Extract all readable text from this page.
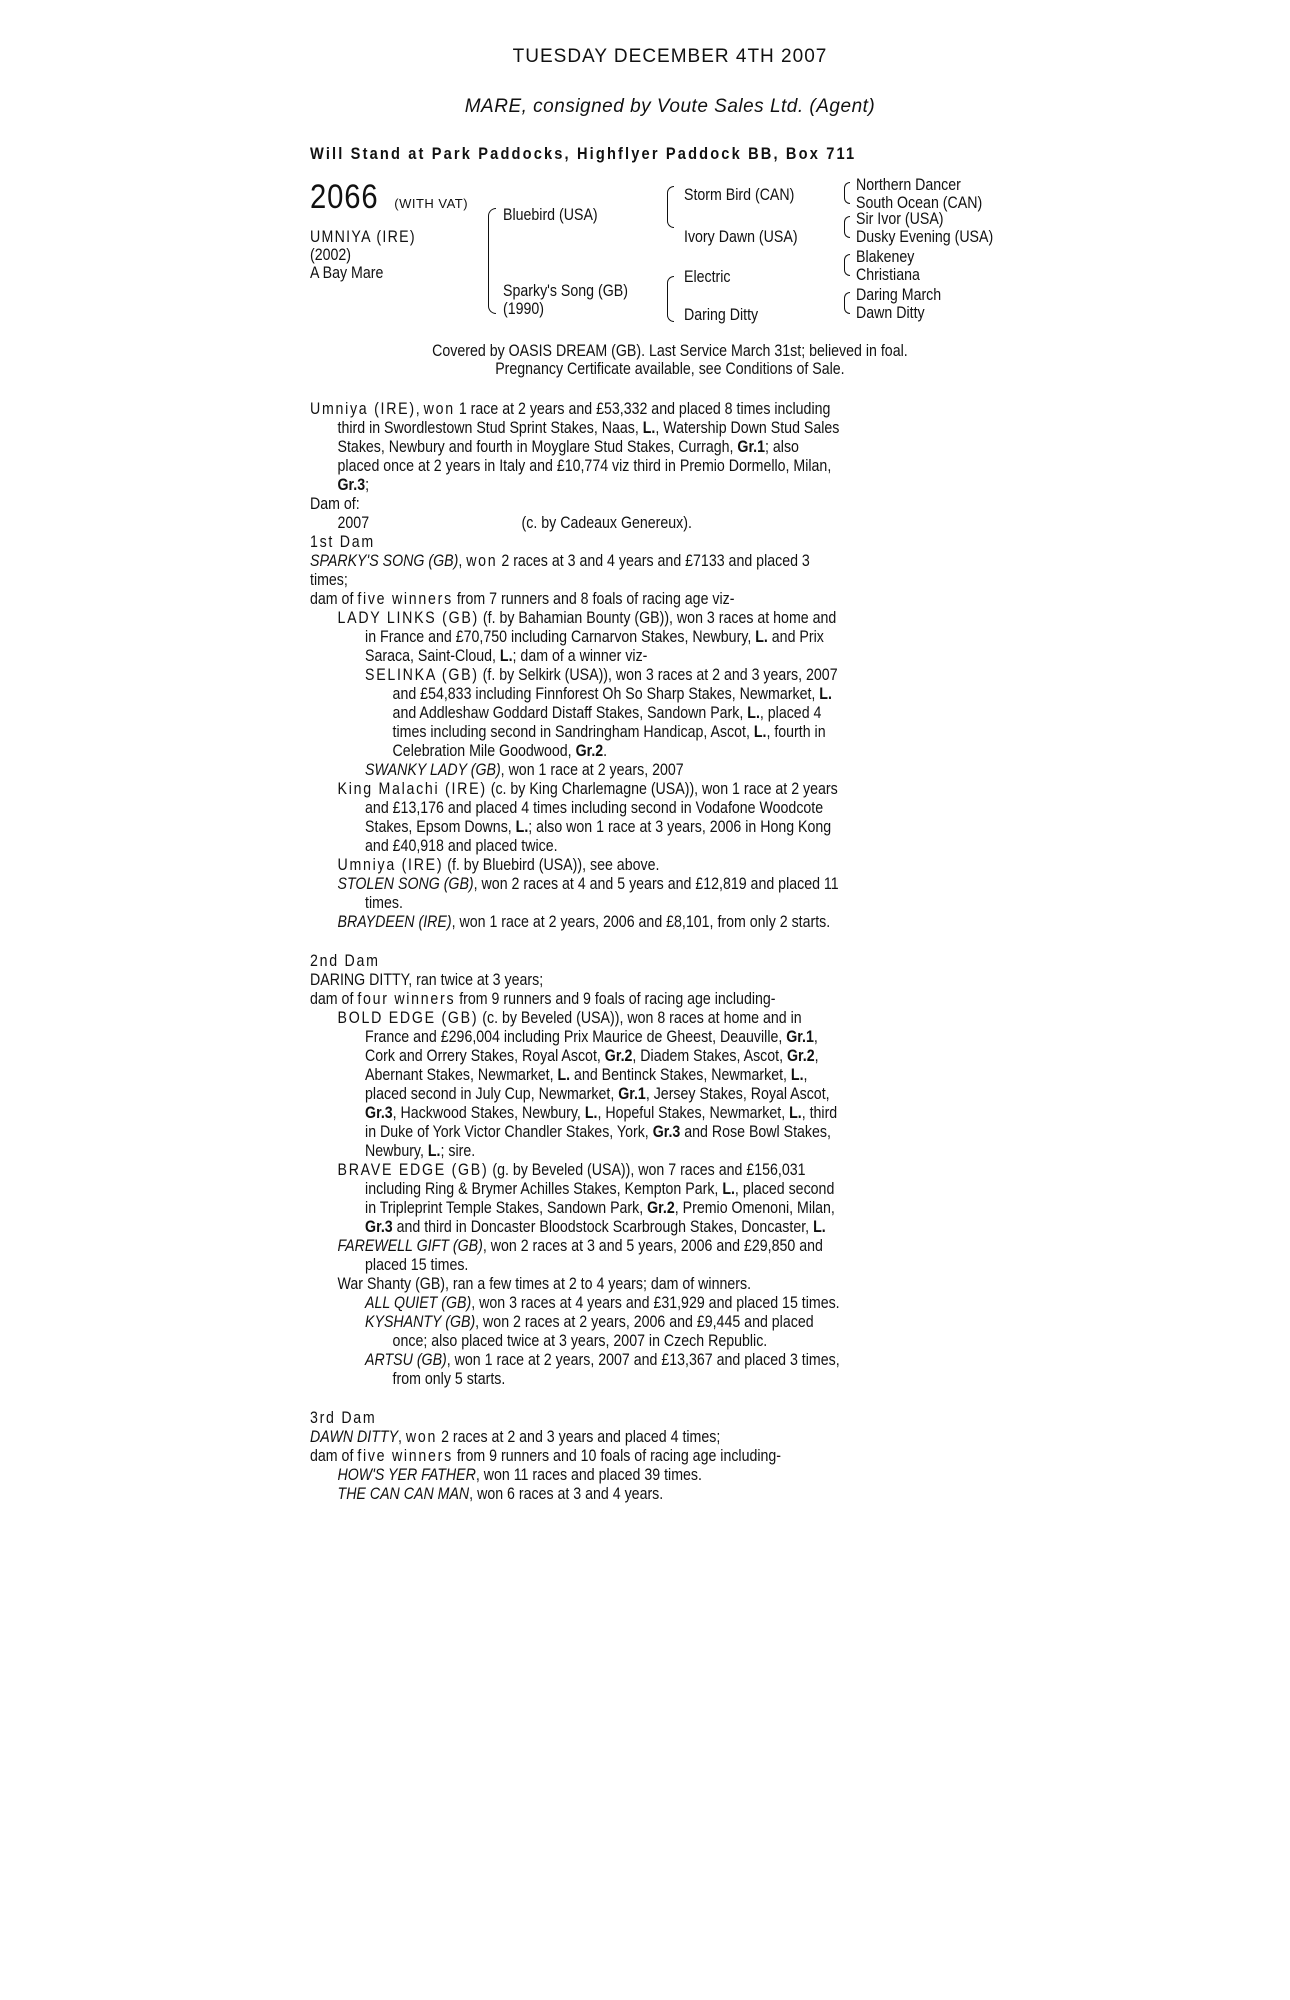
TUESDAY DECEMBER 4TH 2007
MARE, consigned by Voute Sales Ltd. (Agent)
Will Stand at Park Paddocks, Highflyer Paddock BB, Box 711
2066 (WITH VAT)
UMNIYA (IRE)
(2002)
A Bay Mare
Bluebird (USA)
Sparky's Song (GB)
(1990)
Storm Bird (CAN)
Ivory Dawn (USA)
Electric
Daring Ditty
Northern Dancer
South Ocean (CAN)
Sir Ivor (USA)
Dusky Evening (USA)
Blakeney
Christiana
Daring March
Dawn Ditty
Covered by OASIS DREAM (GB). Last Service March 31st; believed in foal.
Pregnancy Certificate available, see Conditions of Sale.

Umniya (IRE), won 1 race at 2 years and £53,332 and placed 8 times including third in Swordlestown Stud Sprint Stakes, Naas, L., Watership Down Stud Sales Stakes, Newbury and fourth in Moyglare Stud Stakes, Curragh, Gr.1; also placed once at 2 years in Italy and £10,774 viz third in Premio Dormello, Milan, Gr.3;

Dam of:

2007	(c. by Cadeaux Genereux).

1st Dam

SPARKY'S SONG (GB), won 2 races at 3 and 4 years and £7133 and placed 3 times;

dam of five winners from 7 runners and 8 foals of racing age viz-

LADY LINKS (GB) (f. by Bahamian Bounty (GB)), won 3 races at home and in France and £70,750 including Carnarvon Stakes, Newbury, L. and Prix Saraca, Saint-Cloud, L.; dam of a winner viz-

SELINKA (GB) (f. by Selkirk (USA)), won 3 races at 2 and 3 years, 2007 and £54,833 including Finnforest Oh So Sharp Stakes, Newmarket, L. and Addleshaw Goddard Distaff Stakes, Sandown Park, L., placed 4 times including second in Sandringham Handicap, Ascot, L., fourth in Celebration Mile Goodwood, Gr.2.

SWANKY LADY (GB), won 1 race at 2 years, 2007

King Malachi (IRE) (c. by King Charlemagne (USA)), won 1 race at 2 years and £13,176 and placed 4 times including second in Vodafone Woodcote Stakes, Epsom Downs, L.; also won 1 race at 3 years, 2006 in Hong Kong and £40,918 and placed twice.

Umniya (IRE) (f. by Bluebird (USA)), see above.

STOLEN SONG (GB), won 2 races at 4 and 5 years and £12,819 and placed 11 times.

BRAYDEEN (IRE), won 1 race at 2 years, 2006 and £8,101, from only 2 starts.

2nd Dam

DARING DITTY, ran twice at 3 years;

dam of four winners from 9 runners and 9 foals of racing age including-

BOLD EDGE (GB) (c. by Beveled (USA)), won 8 races at home and in France and £296,004 including Prix Maurice de Gheest, Deauville, Gr.1, Cork and Orrery Stakes, Royal Ascot, Gr.2, Diadem Stakes, Ascot, Gr.2, Abernant Stakes, Newmarket, L. and Bentinck Stakes, Newmarket, L., placed second in July Cup, Newmarket, Gr.1, Jersey Stakes, Royal Ascot, Gr.3, Hackwood Stakes, Newbury, L., Hopeful Stakes, Newmarket, L., third in Duke of York Victor Chandler Stakes, York, Gr.3 and Rose Bowl Stakes, Newbury, L.; sire.

BRAVE EDGE (GB) (g. by Beveled (USA)), won 7 races and £156,031 including Ring & Brymer Achilles Stakes, Kempton Park, L., placed second in Tripleprint Temple Stakes, Sandown Park, Gr.2, Premio Omenoni, Milan, Gr.3 and third in Doncaster Bloodstock Scarbrough Stakes, Doncaster, L.

FAREWELL GIFT (GB), won 2 races at 3 and 5 years, 2006 and £29,850 and placed 15 times.

War Shanty (GB), ran a few times at 2 to 4 years; dam of winners.

ALL QUIET (GB), won 3 races at 4 years and £31,929 and placed 15 times.

KYSHANTY (GB), won 2 races at 2 years, 2006 and £9,445 and placed once; also placed twice at 3 years, 2007 in Czech Republic.

ARTSU (GB), won 1 race at 2 years, 2007 and £13,367 and placed 3 times, from only 5 starts.

3rd Dam

DAWN DITTY, won 2 races at 2 and 3 years and placed 4 times;

dam of five winners from 9 runners and 10 foals of racing age including-

HOW'S YER FATHER, won 11 races and placed 39 times.

THE CAN CAN MAN, won 6 races at 3 and 4 years.
